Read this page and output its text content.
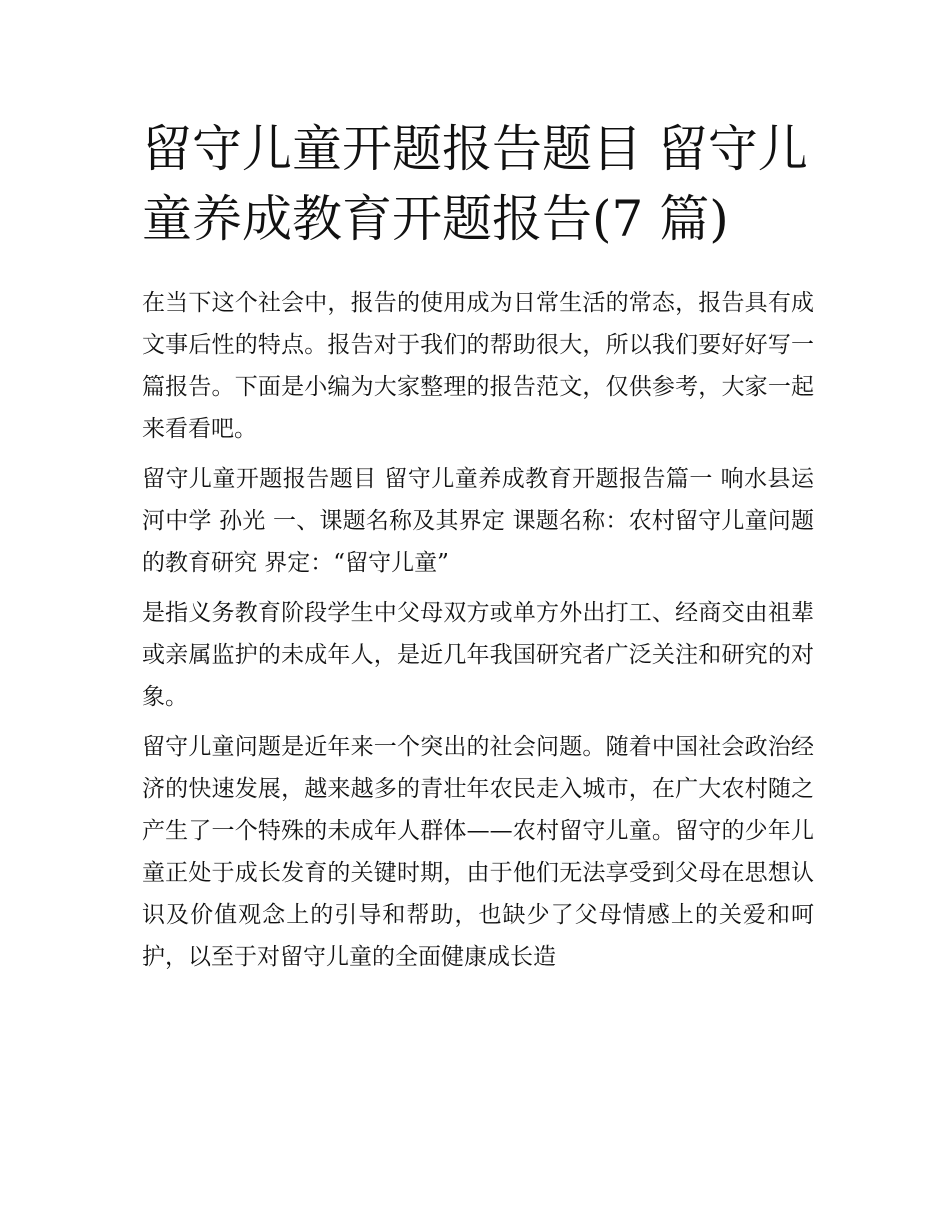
留守儿童开题报告题目 留守儿童养成教育开题报告(7 篇)

在当下这个社会中，报告的使用成为日常生活的常态，报告具有成文事后性的特点。报告对于我们的帮助很大，所以我们要好好写一篇报告。下面是小编为大家整理的报告范文，仅供参考，大家一起来看看吧。

留守儿童开题报告题目 留守儿童养成教育开题报告篇一 响水县运河中学 孙光 一、课题名称及其界定 课题名称：农村留守儿童问题的教育研究 界定：“留守儿童”

是指义务教育阶段学生中父母双方或单方外出打工、经商交由祖辈或亲属监护的未成年人，是近几年我国研究者广泛关注和研究的对象。

留守儿童问题是近年来一个突出的社会问题。随着中国社会政治经济的快速发展，越来越多的青壮年农民走入城市，在广大农村随之产生了一个特殊的未成年人群体——农村留守儿童。留守的少年儿童正处于成长发育的关键时期，由于他们无法享受到父母在思想认识及价值观念上的引导和帮助，也缺少了父母情感上的关爱和呵护，以至于对留守儿童的全面健康成长造
